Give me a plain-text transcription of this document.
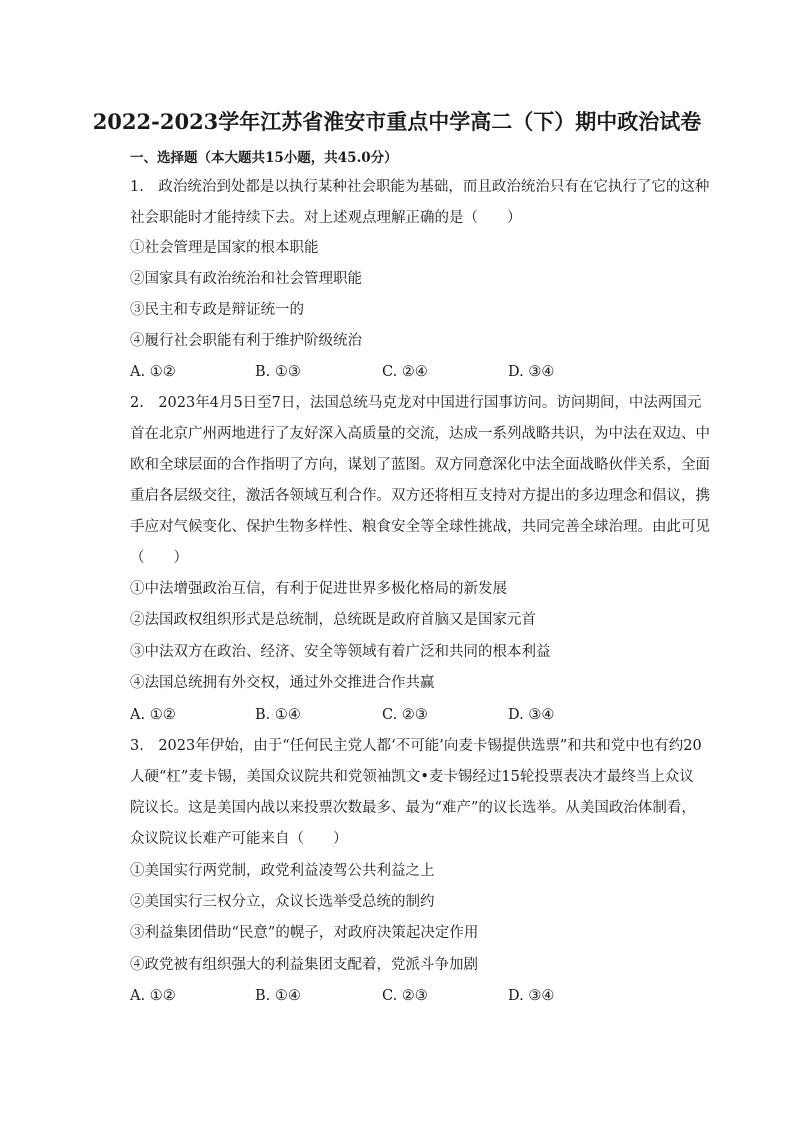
2022-2023学年江苏省淮安市重点中学高二（下）期中政治试卷
一、选择题（本大题共15小题，共45.0分）
1.　政治统治到处都是以执行某种社会职能为基础，而且政治统治只有在它执行了它的这种
社会职能时才能持续下去。对上述观点理解正确的是（　　）
①社会管理是国家的根本职能
②国家具有政治统治和社会管理职能
③民主和专政是辩证统一的
④履行社会职能有利于维护阶级统治
A. ①②	B. ①③	C. ②④	D. ③④
2.　2023年4月5日至7日，法国总统马克龙对中国进行国事访问。访问期间，中法两国元
首在北京广州两地进行了友好深入高质量的交流，达成一系列战略共识，为中法在双边、中
欧和全球层面的合作指明了方向，谋划了蓝图。双方同意深化中法全面战略伙伴关系，全面
重启各层级交往，激活各领域互利合作。双方还将相互支持对方提出的多边理念和倡议，携
手应对气候变化、保护生物多样性、粮食安全等全球性挑战，共同完善全球治理。由此可见
（　　）
①中法增强政治互信，有利于促进世界多极化格局的新发展
②法国政权组织形式是总统制，总统既是政府首脑又是国家元首
③中法双方在政治、经济、安全等领域有着广泛和共同的根本利益
④法国总统拥有外交权，通过外交推进合作共赢
A. ①②	B. ①④	C. ②③	D. ③④
3.　2023年伊始，由于“任何民主党人都‘不可能’向麦卡锡提供选票”和共和党中也有约20
人硬“杠”麦卡锡，美国众议院共和党领袖凯文•麦卡锡经过15轮投票表决才最终当上众议
院议长。这是美国内战以来投票次数最多、最为“难产”的议长选举。从美国政治体制看，
众议院议长难产可能来自（　　）
①美国实行两党制，政党利益凌驾公共利益之上
②美国实行三权分立，众议长选举受总统的制约
③利益集团借助“民意”的幌子，对政府决策起决定作用
④政党被有组织强大的利益集团支配着，党派斗争加剧
A. ①②	B. ①④	C. ②③	D. ③④
